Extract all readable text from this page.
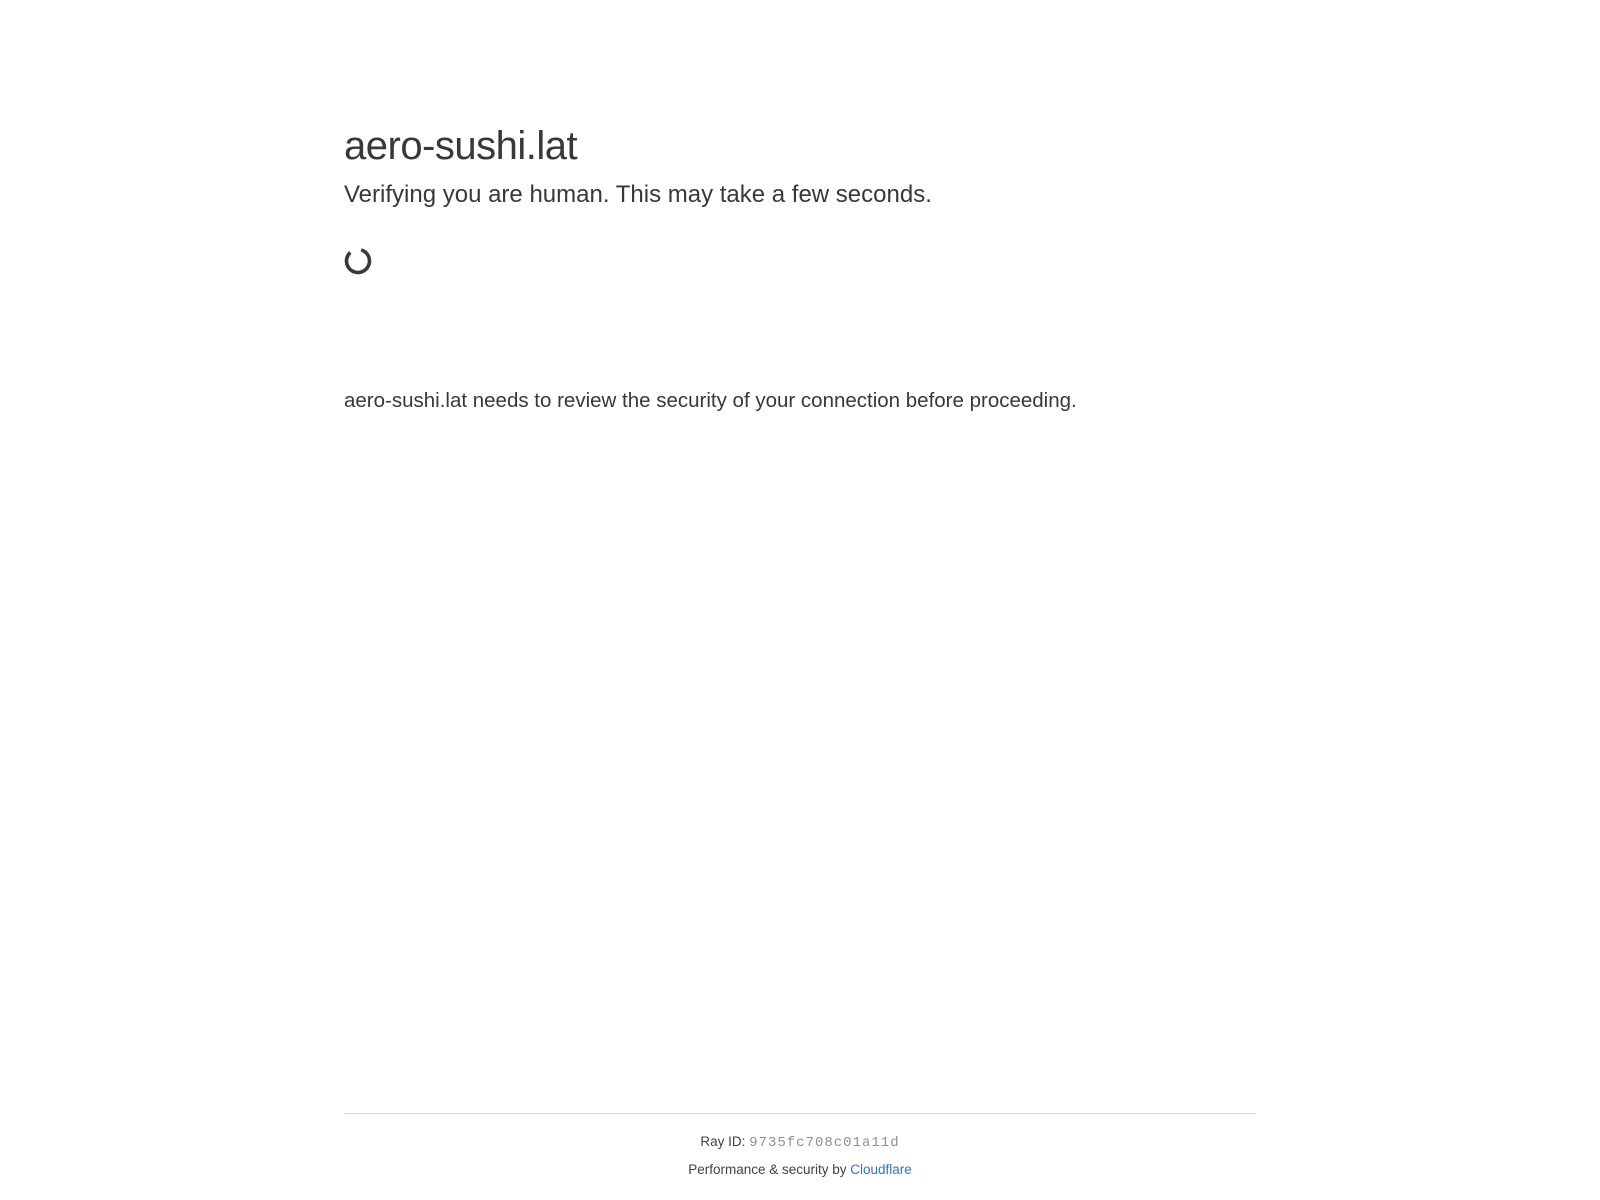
aero-sushi.lat
Verifying you are human. This may take a few seconds.

aero-sushi.lat needs to review the security of your connection before proceeding.

Ray ID: 9735fc708c01a11d
Performance & security by Cloudflare
